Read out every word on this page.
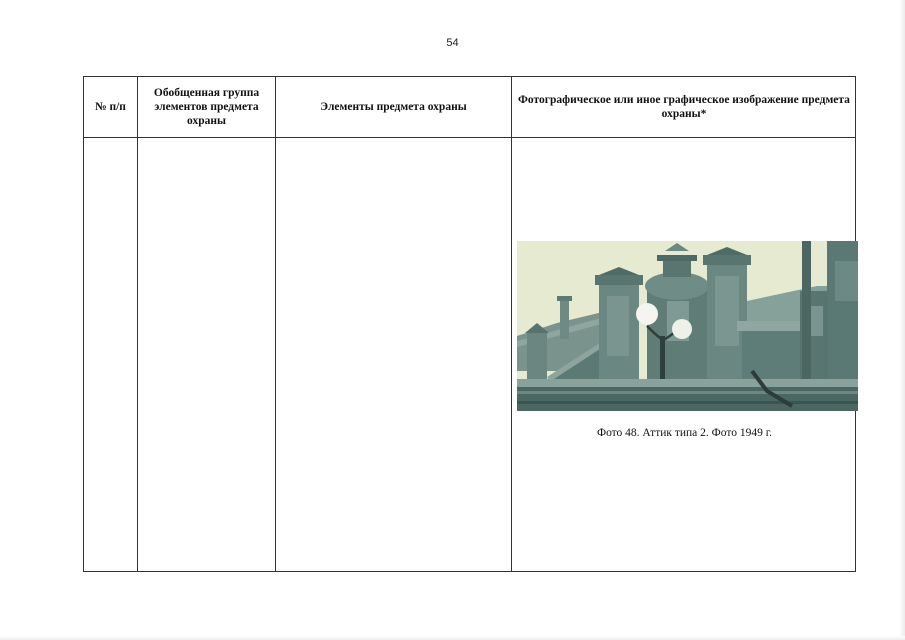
54
№ п/п
Обобщенная группа элементов предмета охраны
Элементы предмета охраны
Фотографическое или иное графическое изображение предмета охраны*
Фото 48. Аттик типа 2. Фото 1949 г.
